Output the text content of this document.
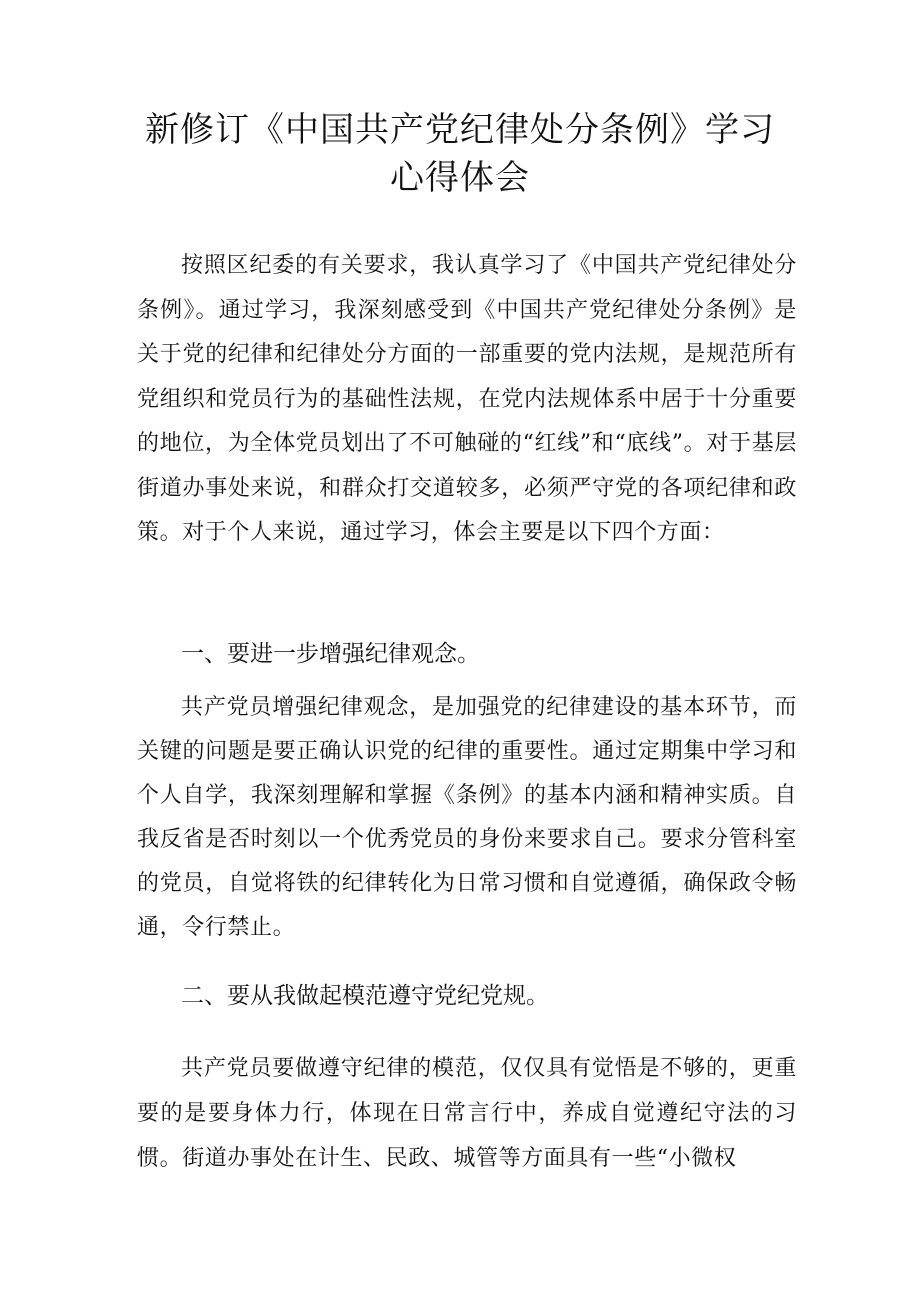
新修订《中国共产党纪律处分条例》学习
心得体会

按照区纪委的有关要求，我认真学习了《中国共产党纪律处分条例》。通过学习，我深刻感受到《中国共产党纪律处分条例》是关于党的纪律和纪律处分方面的一部重要的党内法规，是规范所有党组织和党员行为的基础性法规，在党内法规体系中居于十分重要的地位，为全体党员划出了不可触碰的“红线”和“底线”。对于基层街道办事处来说，和群众打交道较多，必须严守党的各项纪律和政策。对于个人来说，通过学习，体会主要是以下四个方面：

一、要进一步增强纪律观念。

共产党员增强纪律观念，是加强党的纪律建设的基本环节，而关键的问题是要正确认识党的纪律的重要性。通过定期集中学习和个人自学，我深刻理解和掌握《条例》的基本内涵和精神实质。自我反省是否时刻以一个优秀党员的身份来要求自己。要求分管科室的党员，自觉将铁的纪律转化为日常习惯和自觉遵循，确保政令畅通，令行禁止。

二、要从我做起模范遵守党纪党规。

共产党员要做遵守纪律的模范，仅仅具有觉悟是不够的，更重要的是要身体力行，体现在日常言行中，养成自觉遵纪守法的习惯。街道办事处在计生、民政、城管等方面具有一些“小微权
